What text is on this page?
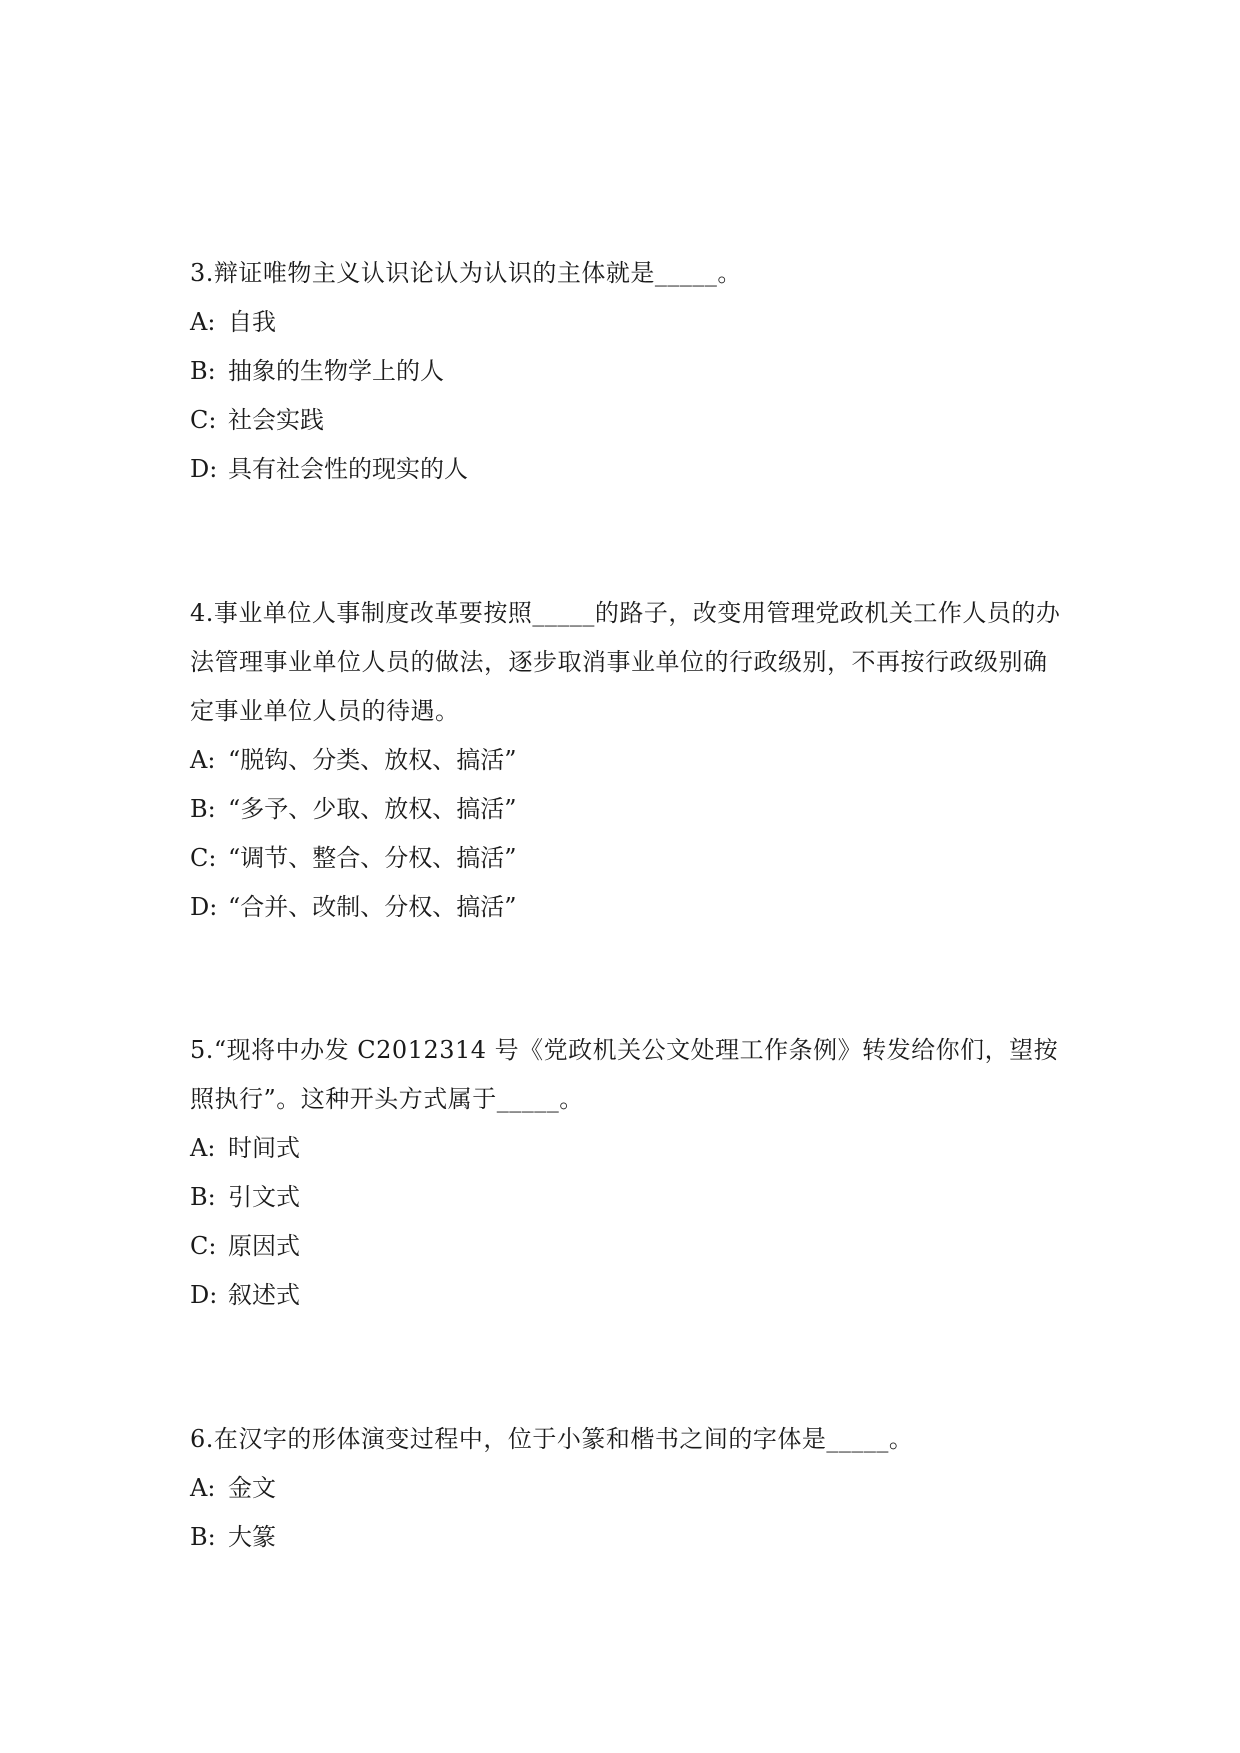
3.辩证唯物主义认识论认为认识的主体就是_____。

A: 自我

B: 抽象的生物学上的人

C: 社会实践

D: 具有社会性的现实的人

4.事业单位人事制度改革要按照_____的路子，改变用管理党政机关工作人员的办法管理事业单位人员的做法，逐步取消事业单位的行政级别，不再按行政级别确定事业单位人员的待遇。

A: “脱钩、分类、放权、搞活”

B: “多予、少取、放权、搞活”

C: “调节、整合、分权、搞活”

D: “合并、改制、分权、搞活”

5.“现将中办发 C2012314 号《党政机关公文处理工作条例》转发给你们，望按照执行”。这种开头方式属于_____。

A: 时间式

B: 引文式

C: 原因式

D: 叙述式

6.在汉字的形体演变过程中，位于小篆和楷书之间的字体是_____。

A: 金文

B: 大篆
